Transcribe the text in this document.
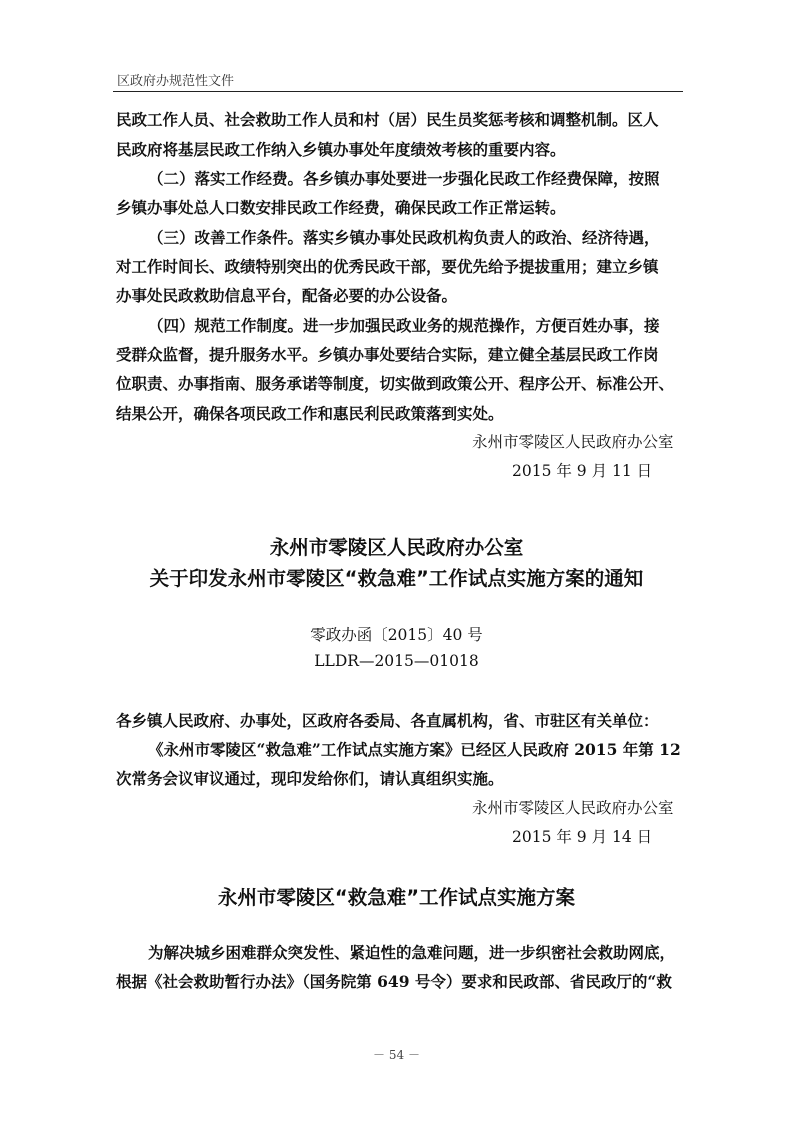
区政府办规范性文件
民政工作人员、社会救助工作人员和村（居）民生员奖惩考核和调整机制。区人
民政府将基层民政工作纳入乡镇办事处年度绩效考核的重要内容。
（二）落实工作经费。各乡镇办事处要进一步强化民政工作经费保障，按照
乡镇办事处总人口数安排民政工作经费，确保民政工作正常运转。
（三）改善工作条件。落实乡镇办事处民政机构负责人的政治、经济待遇，
对工作时间长、政绩特别突出的优秀民政干部，要优先给予提拔重用；建立乡镇
办事处民政救助信息平台，配备必要的办公设备。
（四）规范工作制度。进一步加强民政业务的规范操作，方便百姓办事，接
受群众监督，提升服务水平。乡镇办事处要结合实际，建立健全基层民政工作岗
位职责、办事指南、服务承诺等制度，切实做到政策公开、程序公开、标准公开、
结果公开，确保各项民政工作和惠民利民政策落到实处。
永州市零陵区人民政府办公室
2015 年 9 月 11 日
永州市零陵区人民政府办公室
关于印发永州市零陵区“救急难”工作试点实施方案的通知
零政办函〔2015〕40 号
LLDR—2015—01018
各乡镇人民政府、办事处，区政府各委局、各直属机构，省、市驻区有关单位：
《永州市零陵区“救急难”工作试点实施方案》已经区人民政府 2015 年第 12
次常务会议审议通过，现印发给你们，请认真组织实施。
永州市零陵区人民政府办公室
2015 年 9 月 14 日
永州市零陵区“救急难”工作试点实施方案
为解决城乡困难群众突发性、紧迫性的急难问题，进一步织密社会救助网底，
根据《社会救助暂行办法》（国务院第 649 号令）要求和民政部、省民政厅的“救
－ 54 －
